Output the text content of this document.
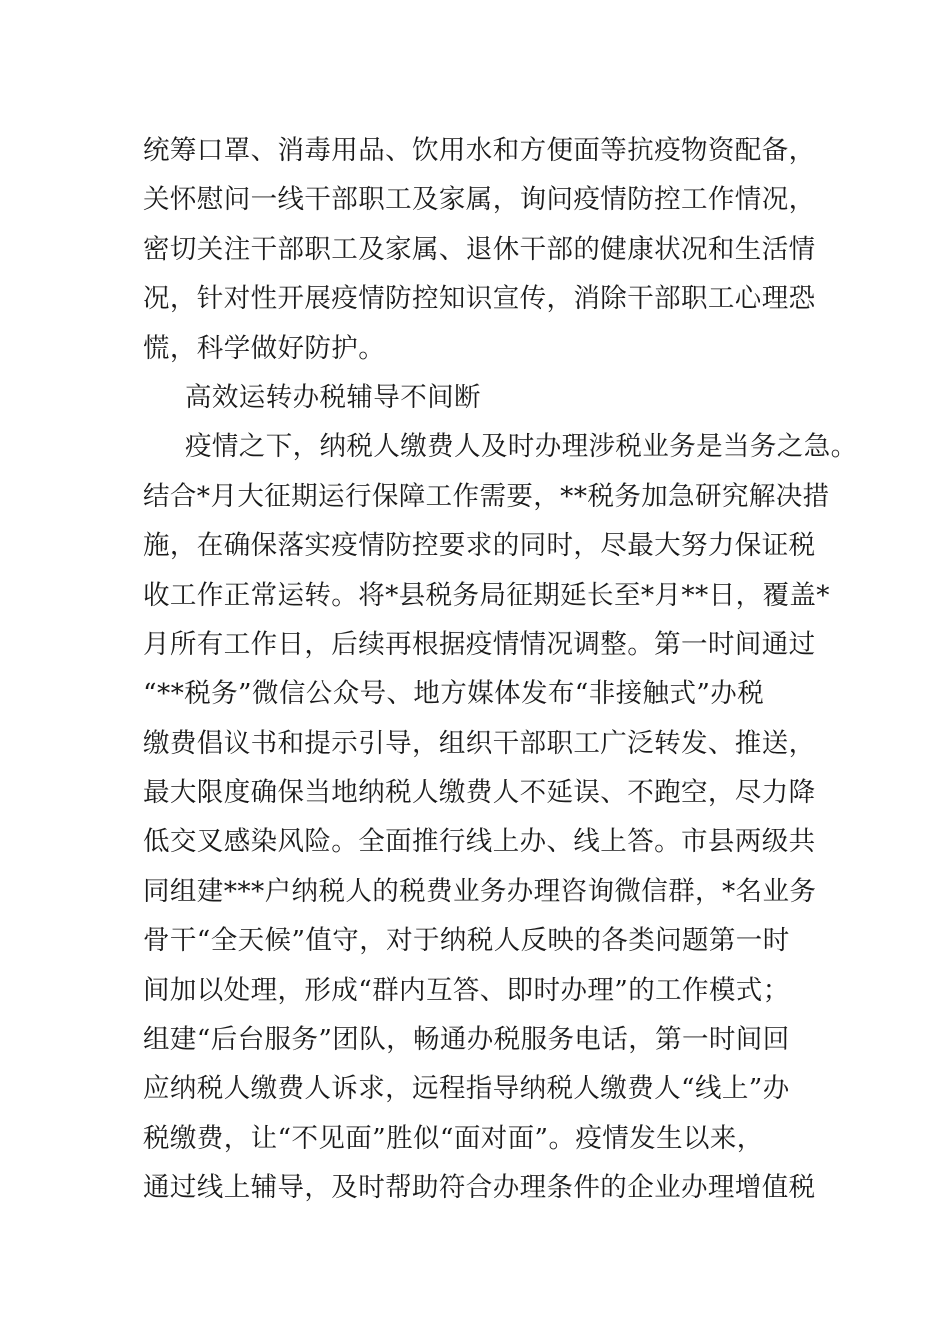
统筹口罩、消毒用品、饮用水和方便面等抗疫物资配备，
关怀慰问一线干部职工及家属，询问疫情防控工作情况，
密切关注干部职工及家属、退休干部的健康状况和生活情
况，针对性开展疫情防控知识宣传，消除干部职工心理恐
慌，科学做好防护。
高效运转办税辅导不间断
疫情之下，纳税人缴费人及时办理涉税业务是当务之急。
结合*月大征期运行保障工作需要，**税务加急研究解决措
施，在确保落实疫情防控要求的同时，尽最大努力保证税
收工作正常运转。将*县税务局征期延长至*月**日，覆盖*
月所有工作日，后续再根据疫情情况调整。第一时间通过
“**税务”微信公众号、地方媒体发布“非接触式”办税
缴费倡议书和提示引导，组织干部职工广泛转发、推送，
最大限度确保当地纳税人缴费人不延误、不跑空，尽力降
低交叉感染风险。全面推行线上办、线上答。市县两级共
同组建***户纳税人的税费业务办理咨询微信群，*名业务
骨干“全天候”值守，对于纳税人反映的各类问题第一时
间加以处理，形成“群内互答、即时办理”的工作模式；
组建“后台服务”团队，畅通办税服务电话，第一时间回
应纳税人缴费人诉求，远程指导纳税人缴费人“线上”办
税缴费，让“不见面”胜似“面对面”。疫情发生以来，
通过线上辅导，及时帮助符合办理条件的企业办理增值税
